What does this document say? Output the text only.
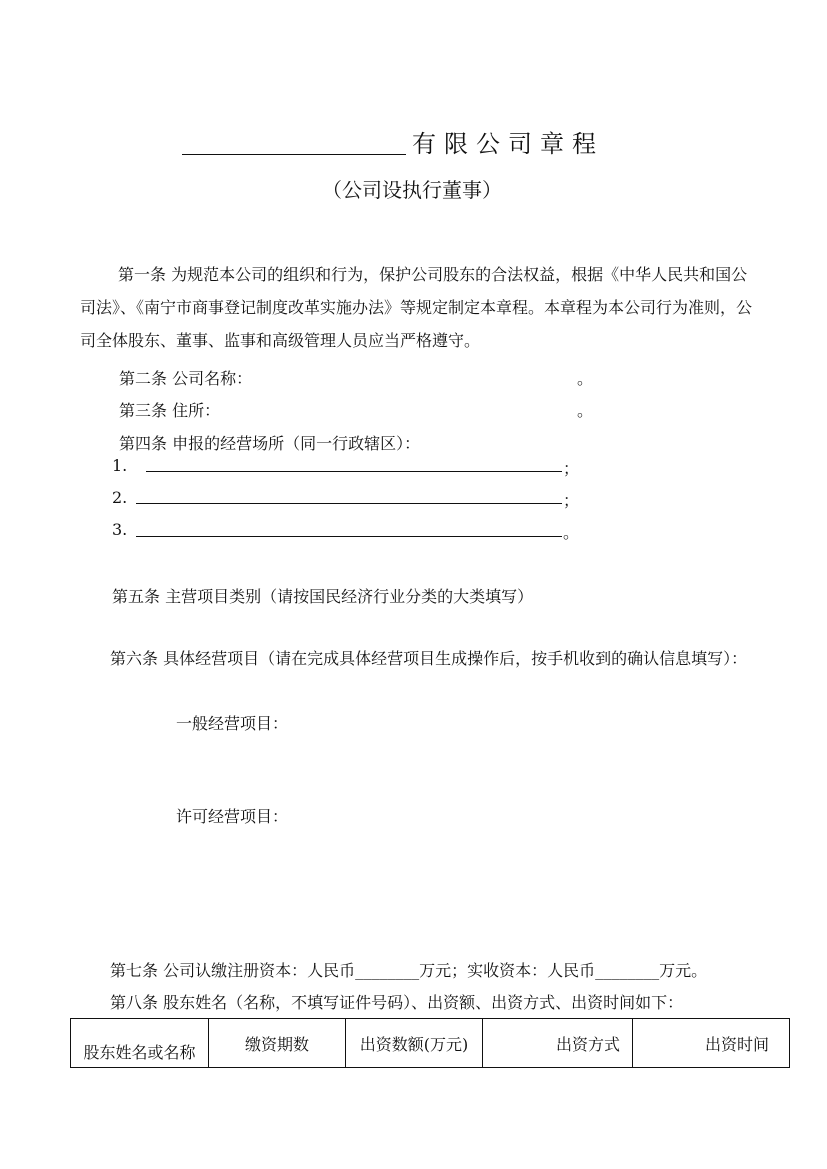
有限公司章程
（公司设执行董事）
第一条 为规范本公司的组织和行为，保护公司股东的合法权益，根据《中华人民共和国公司法》、《南宁市商事登记制度改革实施办法》等规定制定本章程。本章程为本公司行为准则，公司全体股东、董事、监事和高级管理人员应当严格遵守。
第二条 公司名称：	。
第三条 住所：	。
第四条 申报的经营场所（同一行政辖区）：
1.	；
2.	；
3.	。
第五条 主营项目类别（请按国民经济行业分类的大类填写）
第六条 具体经营项目（请在完成具体经营项目生成操作后，按手机收到的确认信息填写）：
一般经营项目：
许可经营项目：
第七条 公司认缴注册资本：人民币________万元；实收资本：人民币________万元。
第八条 股东姓名（名称，不填写证件号码）、出资额、出资方式、出资时间如下：
股东姓名或名称	缴资期数	出资数额(万元)	出资方式	出资时间
